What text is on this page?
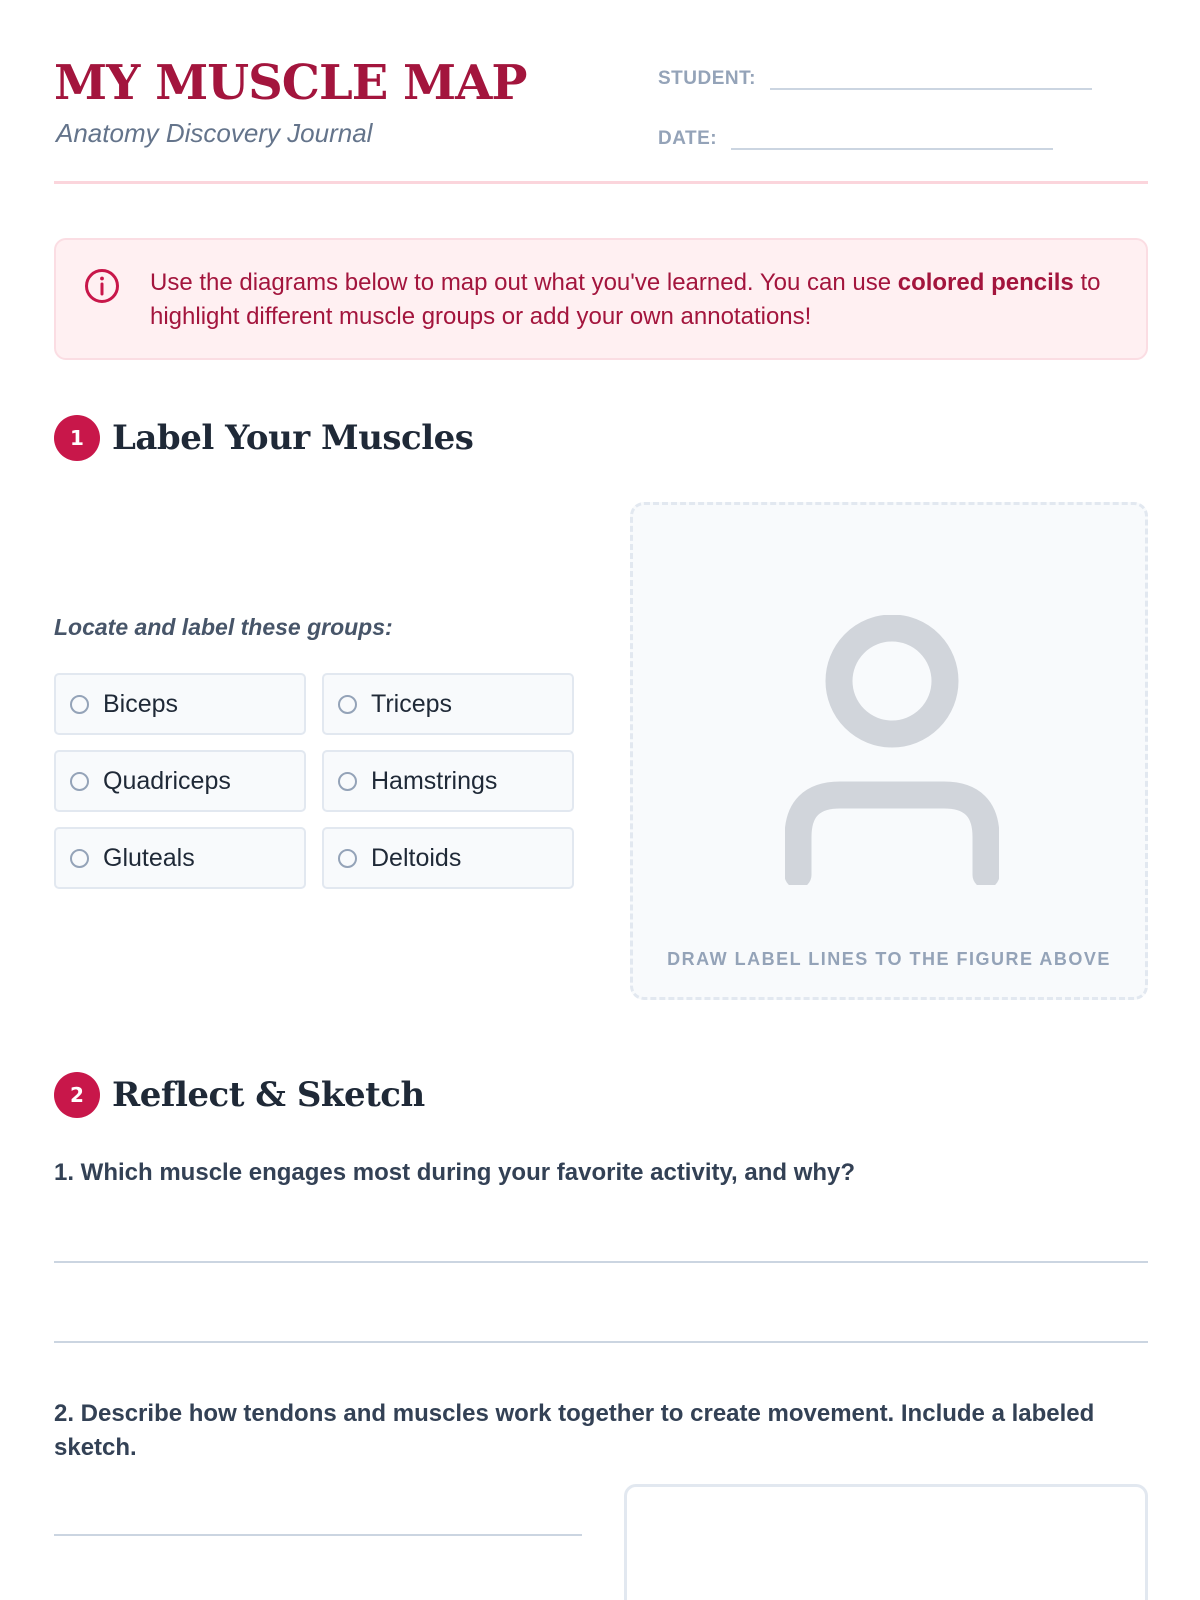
MY MUSCLE MAP
Anatomy Discovery Journal
STUDENT:
DATE:

Use the diagrams below to map out what you've learned. You can use colored pencils to highlight different muscle groups or add your own annotations!

1 Label Your Muscles
Locate and label these groups:
Biceps	Triceps
Quadriceps	Hamstrings
Gluteals	Deltoids
DRAW LABEL LINES TO THE FIGURE ABOVE
2 Reflect & Sketch

1. Which muscle engages most during your favorite activity, and why?

2. Describe how tendons and muscles work together to create movement. Include a labeled sketch.
